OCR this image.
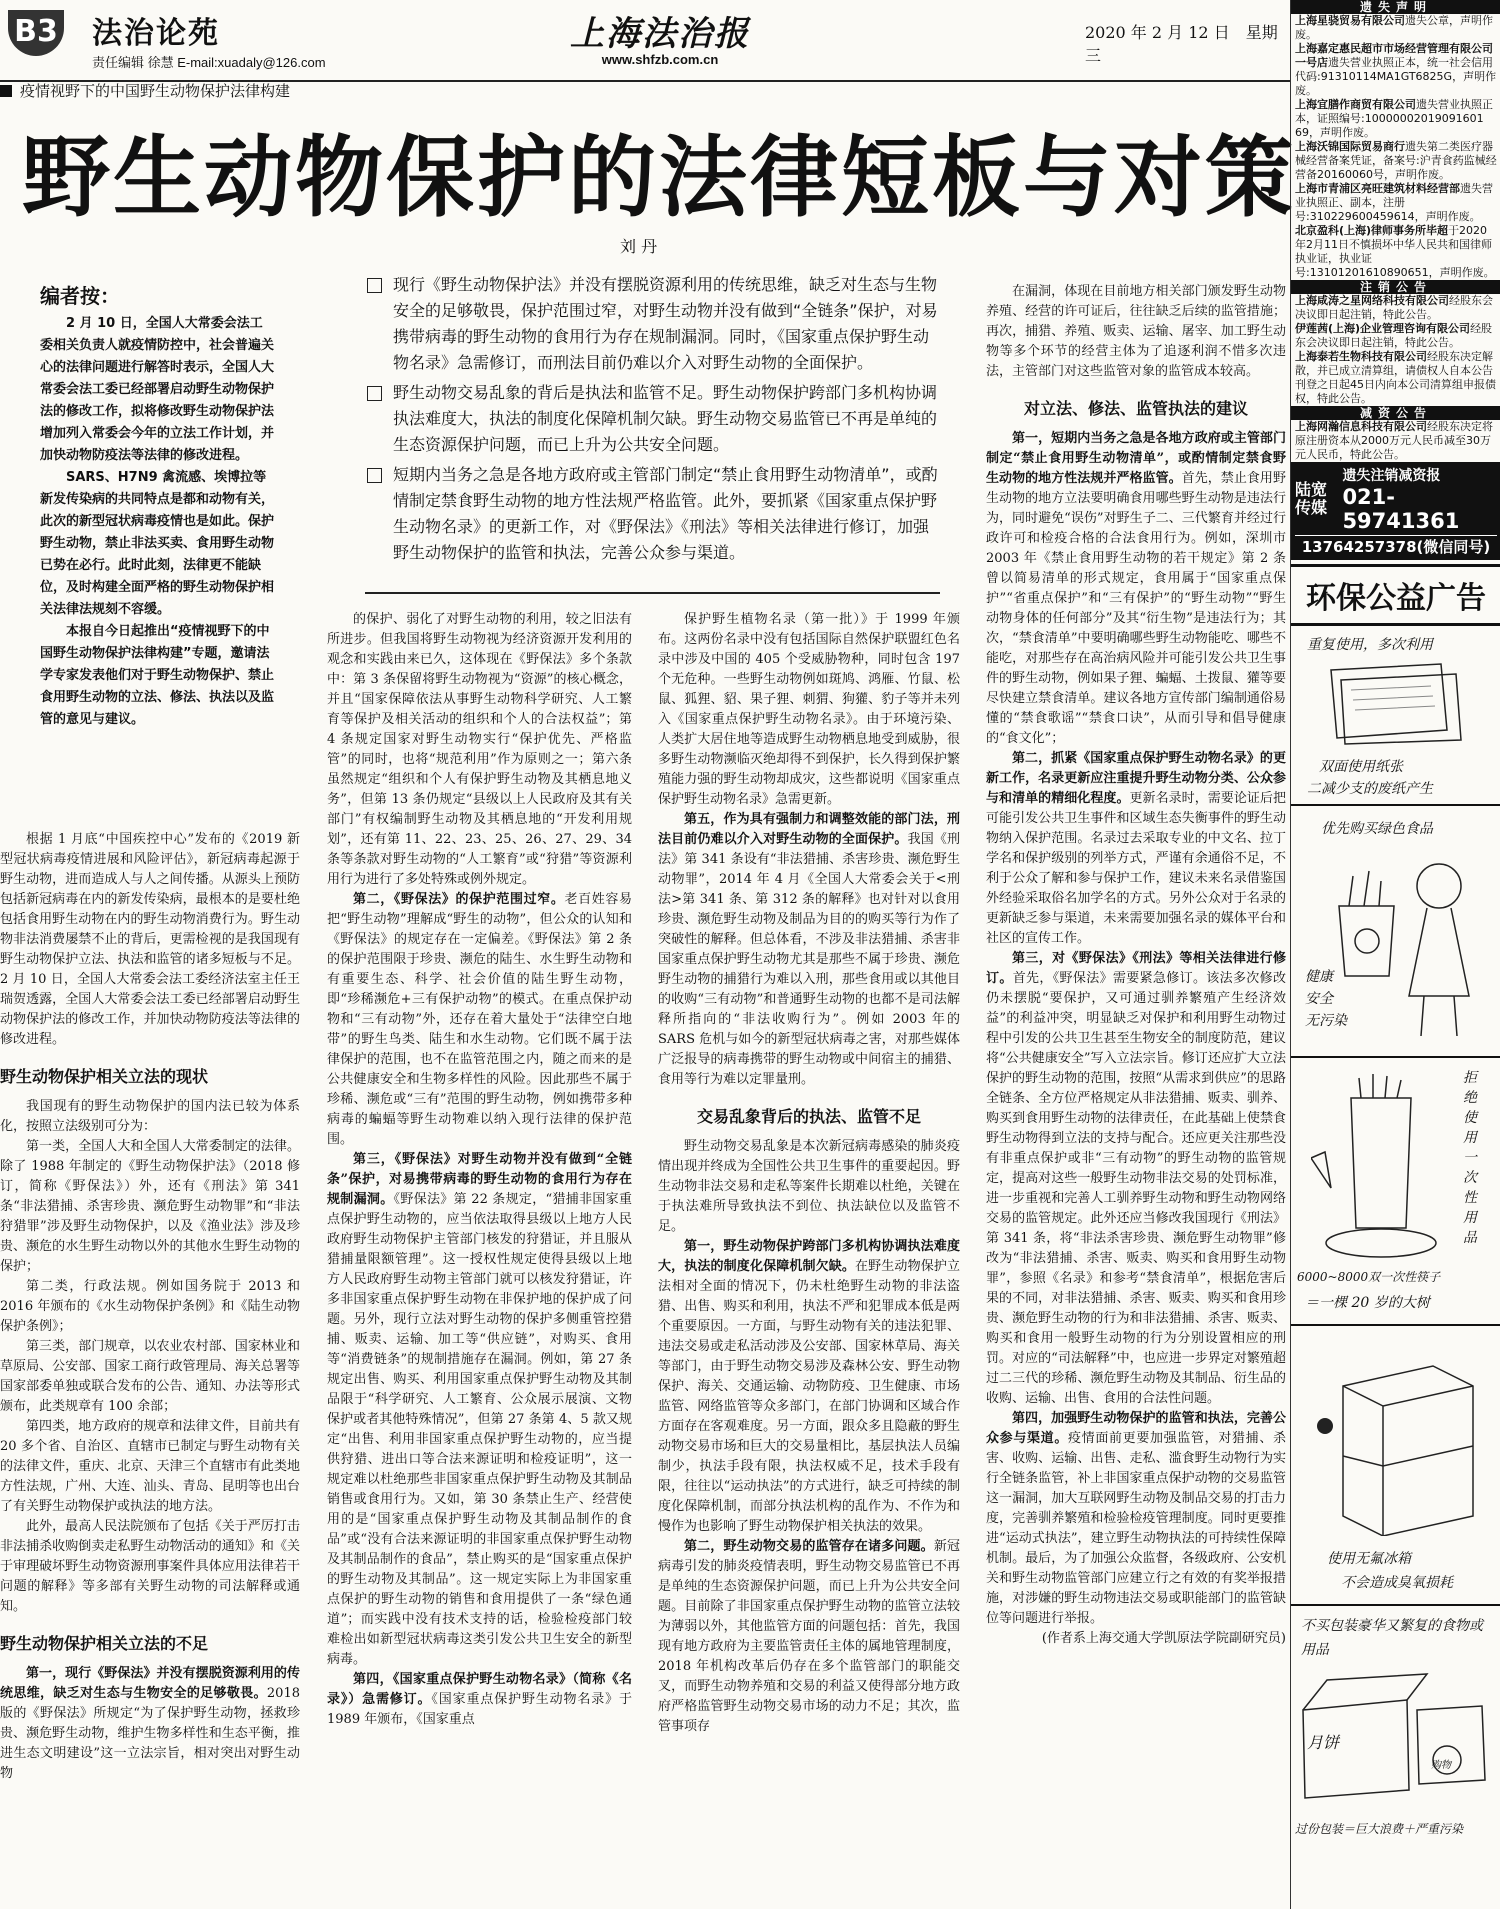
B3 法治论苑
责任编辑 徐慧 E-mail:xuadaly@126.com
上海法治报
www.shfzb.com.cn
2020 年 2 月 12 日　星期三
疫情视野下的中国野生动物保护法律构建
野生动物保护的法律短板与对策
刘 丹
编者按：

2 月 10 日，全国人大常委会法工委相关负责人就疫情防控中，社会普遍关心的法律问题进行解答时表示，全国人大常委会法工委已经部署启动野生动物保护法的修改工作，拟将修改野生动物保护法增加列入常委会今年的立法工作计划，并加快动物防疫法等法律的修改进程。

SARS、H7N9 禽流感、埃博拉等新发传染病的共同特点是都和动物有关，此次的新型冠状病毒疫情也是如此。保护野生动物，禁止非法买卖、食用野生动物已势在必行。此时此刻，法律更不能缺位，及时构建全面严格的野生动物保护相关法律法规刻不容缓。

本报自今日起推出“疫情视野下的中国野生动物保护法律构建”专题，邀请法学专家发表他们对于野生动物保护、禁止食用野生动物的立法、修法、执法以及监管的意见与建议。

现行《野生动物保护法》并没有摆脱资源利用的传统思维，缺乏对生态与生物安全的足够敬畏，保护范围过窄，对野生动物并没有做到“全链条”保护，对易携带病毒的野生动物的食用行为存在规制漏洞。同时，《国家重点保护野生动物名录》急需修订，而刑法目前仍难以介入对野生动物的全面保护。
野生动物交易乱象的背后是执法和监管不足。野生动物保护跨部门多机构协调执法难度大，执法的制度化保障机制欠缺。野生动物交易监管已不再是单纯的生态资源保护问题，而已上升为公共安全问题。
短期内当务之急是各地方政府或主管部门制定“禁止食用野生动物清单”，或酌情制定禁食野生动物的地方性法规严格监管。此外，要抓紧《国家重点保护野生动物名录》的更新工作，对《野保法》《刑法》等相关法律进行修订，加强野生动物保护的监管和执法，完善公众参与渠道。

根据 1 月底“中国疾控中心”发布的《2019 新型冠状病毒疫情进展和风险评估》，新冠病毒起源于野生动物，进而造成人与人之间传播。从源头上预防包括新冠病毒在内的新发传染病，最根本的是要杜绝包括食用野生动物在内的野生动物消费行为。野生动物非法消费屡禁不止的背后，更需检视的是我国现有野生动物保护立法、执法和监管的诸多短板与不足。2 月 10 日，全国人大常委会法工委经济法室主任王瑞贺透露，全国人大常委会法工委已经部署启动野生动物保护法的修改工作，并加快动物防疫法等法律的修改进程。

野生动物保护相关立法的现状

我国现有的野生动物保护的国内法已较为体系化，按照立法级别可分为：

第一类，全国人大和全国人大常委制定的法律。除了 1988 年制定的《野生动物保护法》（2018 修订，简称《野保法》）外，还有《刑法》第 341 条“非法猎捕、杀害珍贵、濒危野生动物罪”和“非法狩猎罪”涉及野生动物保护，以及《渔业法》涉及珍贵、濒危的水生野生动物以外的其他水生野生动物的保护；

第二类，行政法规。例如国务院于 2013 和 2016 年颁布的《水生动物保护条例》和《陆生动物保护条例》；

第三类，部门规章，以农业农村部、国家林业和草原局、公安部、国家工商行政管理局、海关总署等国家部委单独或联合发布的公告、通知、办法等形式颁布，此类规章有 100 余部；

第四类，地方政府的规章和法律文件，目前共有 20 多个省、自治区、直辖市已制定与野生动物有关的法律文件，重庆、北京、天津三个直辖市有此类地方性法规，广州、大连、汕头、青岛、昆明等也出台了有关野生动物保护或执法的地方法。

此外，最高人民法院颁布了包括《关于严厉打击非法捕杀收购倒卖走私野生动物活动的通知》和《关于审理破坏野生动物资源刑事案件具体应用法律若干问题的解释》等多部有关野生动物的司法解释或通知。

野生动物保护相关立法的不足

第一，现行《野保法》并没有摆脱资源利用的传统思维，缺乏对生态与生物安全的足够敬畏。2018 版的《野保法》所规定“为了保护野生动物，拯救珍贵、濒危野生动物，维护生物多样性和生态平衡，推进生态文明建设”这一立法宗旨，相对突出对野生动物

的保护、弱化了对野生动物的利用，较之旧法有所进步。但我国将野生动物视为经济资源开发利用的观念和实践由来已久，这体现在《野保法》多个条款中：第 3 条保留将野生动物视为“资源”的核心概念，并且“国家保障依法从事野生动物科学研究、人工繁育等保护及相关活动的组织和个人的合法权益”；第 4 条规定国家对野生动物实行“保护优先、严格监管”的同时，也将“规范利用”作为原则之一；第六条虽然规定“组织和个人有保护野生动物及其栖息地义务”，但第 13 条仍规定“县级以上人民政府及其有关部门”有权编制野生动物及其栖息地的“开发利用规划”，还有第 11、22、23、25、26、27、29、34 条等条款对野生动物的“人工繁育”或“狩猎”等资源利用行为进行了多处特殊或例外规定。

第二，《野保法》的保护范围过窄。老百姓容易把“野生动物”理解成“野生的动物”，但公众的认知和《野保法》的规定存在一定偏差。《野保法》第 2 条的保护范围限于珍贵、濒危的陆生、水生野生动物和有重要生态、科学、社会价值的陆生野生动物，即“珍稀濒危+三有保护动物”的模式。在重点保护动物和“三有动物”外，还存在着大量处于“法律空白地带”的野生鸟类、陆生和水生动物。它们既不属于法律保护的范围，也不在监管范围之内，随之而来的是公共健康安全和生物多样性的风险。因此那些不属于珍稀、濒危或“三有”范围的野生动物，例如携带多种病毒的蝙蝠等野生动物难以纳入现行法律的保护范围。

第三，《野保法》对野生动物并没有做到“全链条”保护，对易携带病毒的野生动物的食用行为存在规制漏洞。《野保法》第 22 条规定，“猎捕非国家重点保护野生动物的，应当依法取得县级以上地方人民政府野生动物保护主管部门核发的狩猎证，并且服从猎捕量限额管理”。这一授权性规定使得县级以上地方人民政府野生动物主管部门就可以核发狩猎证，许多非国家重点保护野生动物在非保护地的保护成了问题。另外，现行立法对野生动物的保护多侧重管控猎捕、贩卖、运输、加工等“供应链”，对购买、食用等“消费链条”的规制措施存在漏洞。例如，第 27 条规定出售、购买、利用国家重点保护野生动物及其制品限于“科学研究、人工繁育、公众展示展演、文物保护或者其他特殊情况”，但第 27 条第 4、5 款又规定“出售、利用非国家重点保护野生动物的，应当提供狩猎、进出口等合法来源证明和检疫证明”，这一规定难以杜绝那些非国家重点保护野生动物及其制品销售或食用行为。又如，第 30 条禁止生产、经营使用的是“国家重点保护野生动物及其制品制作的食品”或“没有合法来源证明的非国家重点保护野生动物及其制品制作的食品”，禁止购买的是“国家重点保护的野生动物及其制品”。这一规定实际上为非国家重点保护的野生动物的销售和食用提供了一条“绿色通道”；而实践中没有技术支持的话，检验检疫部门较难检出如新型冠状病毒这类引发公共卫生安全的新型病毒。

第四，《国家重点保护野生动物名录》（简称《名录》）急需修订。《国家重点保护野生动物名录》于 1989 年颁布，《国家重点

保护野生植物名录（第一批）》于 1999 年颁布。这两份名录中没有包括国际自然保护联盟红色名录中涉及中国的 405 个受威胁物种，同时包含 197 个无危种。一些野生动物例如斑鸠、鸿雁、竹鼠、松鼠、狐狸、貂、果子狸、刺猬、狗獾、豹子等并未列入《国家重点保护野生动物名录》。由于环境污染、人类扩大居住地等造成野生动物栖息地受到威胁，很多野生动物濒临灭绝却得不到保护，长久得到保护繁殖能力强的野生动物却成灾，这些都说明《国家重点保护野生动物名录》急需更新。

第五，作为具有强制力和调整效能的部门法，刑法目前仍难以介入对野生动物的全面保护。我国《刑法》第 341 条设有“非法猎捕、杀害珍贵、濒危野生动物罪”，2014 年 4 月《全国人大常委会关于<刑法>第 341 条、第 312 条的解释》也对针对以食用珍贵、濒危野生动物及制品为目的的购买等行为作了突破性的解释。但总体看，不涉及非法猎捕、杀害非国家重点保护野生动物尤其是那些不属于珍贵、濒危野生动物的捕猎行为难以入刑，那些食用或以其他目的收购“三有动物”和普通野生动物的也都不是司法解释所指向的“非法收购行为”。例如 2003 年的 SARS 危机与如今的新型冠状病毒之害，对那些媒体广泛报导的病毒携带的野生动物或中间宿主的捕猎、食用等行为难以定罪量刑。

交易乱象背后的执法、监管不足

野生动物交易乱象是本次新冠病毒感染的肺炎疫情出现并终成为全国性公共卫生事件的重要起因。野生动物非法交易和走私等案件长期难以杜绝，关键在于执法难所导致执法不到位、执法缺位以及监管不足。

第一，野生动物保护跨部门多机构协调执法难度大，执法的制度化保障机制欠缺。在野生动物保护立法相对全面的情况下，仍未杜绝野生动物的非法盗猎、出售、购买和利用，执法不严和犯罪成本低是两个重要原因。一方面，与野生动物有关的违法犯罪、违法交易或走私活动涉及公安部、国家林草局、海关等部门，由于野生动物交易涉及森林公安、野生动物保护、海关、交通运输、动物防疫、卫生健康、市场监管、网络监管等众多部门，在部门协调和区域合作方面存在客观难度。另一方面，跟众多且隐蔽的野生动物交易市场和巨大的交易量相比，基层执法人员编制少，执法手段有限，执法权威不足，技术手段有限，往往以“运动执法”的方式进行，缺乏可持续的制度化保障机制，而部分执法机构的乱作为、不作为和慢作为也影响了野生动物保护相关执法的效果。

第二，野生动物交易的监管存在诸多问题。新冠病毒引发的肺炎疫情表明，野生动物交易监管已不再是单纯的生态资源保护问题，而已上升为公共安全问题。目前除了非国家重点保护野生动物的监管立法较为薄弱以外，其他监管方面的问题包括：首先，我国现有地方政府为主要监管责任主体的属地管理制度，2018 年机构改革后仍存在多个监管部门的职能交叉，而野生动物养殖和交易的利益又使得部分地方政府严格监管野生动物交易市场的动力不足；其次，监管事项存

在漏洞，体现在目前地方相关部门颁发野生动物养殖、经营的许可证后，往往缺乏后续的监管措施；再次，捕猎、养殖、贩卖、运输、屠宰、加工野生动物等多个环节的经营主体为了追逐利润不惜多次违法，主管部门对这些监管对象的监管成本较高。

对立法、修法、监管执法的建议

第一，短期内当务之急是各地方政府或主管部门制定“禁止食用野生动物清单”，或酌情制定禁食野生动物的地方性法规并严格监管。首先，禁止食用野生动物的地方立法要明确食用哪些野生动物是违法行为，同时避免“误伤”对野生子二、三代繁育并经过行政许可和检疫合格的合法食用行为。例如，深圳市 2003 年《禁止食用野生动物的若干规定》第 2 条曾以简易清单的形式规定，食用属于“国家重点保护”“省重点保护”和“三有保护”的“野生动物”“野生动物身体的任何部分”及其“衍生物”是违法行为；其次，“禁食清单”中要明确哪些野生动物能吃、哪些不能吃，对那些存在高治病风险并可能引发公共卫生事件的野生动物，例如果子狸、蝙蝠、土拨鼠、獾等要尽快建立禁食清单。建议各地方宣传部门编制通俗易懂的“禁食歌谣”“禁食口诀”，从而引导和倡导健康的“食文化”；

第二，抓紧《国家重点保护野生动物名录》的更新工作，名录更新应注重提升野生动物分类、公众参与和清单的精细化程度。更新名录时，需要论证后把可能引发公共卫生事件和区域生态失衡事件的野生动物纳入保护范围。名录过去采取专业的中文名、拉丁学名和保护级别的列举方式，严谨有余通俗不足，不利于公众了解和参与保护工作，建议未来名录借鉴国外经验采取俗名加学名的方式。另外公众对于名录的更新缺乏参与渠道，未来需要加强名录的媒体平台和社区的宣传工作。

第三，对《野保法》《刑法》等相关法律进行修订。首先，《野保法》需要紧急修订。该法多次修改仍未摆脱“要保护，又可通过驯养繁殖产生经济效益”的利益冲突，明显缺乏对保护和利用野生动物过程中引发的公共卫生甚至生物安全的制度防范，建议将“公共健康安全”写入立法宗旨。修订还应扩大立法保护的野生动物的范围，按照“从需求到供应”的思路全链条、全方位严格规定从非法猎捕、贩卖、驯养、购买到食用野生动物的法律责任，在此基础上使禁食野生动物得到立法的支持与配合。还应更关注那些没有非重点保护或非“三有动物”的野生动物的监管规定，提高对这些一般野生动物非法交易的处罚标准，进一步重视和完善人工驯养野生动物和野生动物网络交易的监管规定。此外还应当修改我国现行《刑法》第 341 条，将“非法杀害珍贵、濒危野生动物罪”修改为“非法猎捕、杀害、贩卖、购买和食用野生动物罪”，参照《名录》和参考“禁食清单”，根据危害后果的不同，对非法猎捕、杀害、贩卖、购买和食用珍贵、濒危野生动物的行为和非法猎捕、杀害、贩卖、购买和食用一般野生动物的行为分别设置相应的刑罚。对应的“司法解释”中，也应进一步界定对繁殖超过二三代的珍稀、濒危野生动物及其制品、衍生品的收购、运输、出售、食用的合法性问题。

第四，加强野生动物保护的监管和执法，完善公众参与渠道。疫情面前更要加强监管，对猎捕、杀害、收购、运输、出售、走私、滥食野生动物行为实行全链条监管，补上非国家重点保护动物的交易监管这一漏洞，加大互联网野生动物及制品交易的打击力度，完善驯养繁殖和检验检疫管理制度。同时更要推进“运动式执法”，建立野生动物执法的可持续性保障机制。最后，为了加强公众监督，各级政府、公安机关和野生动物监管部门应建立行之有效的有奖举报措施，对涉嫌的野生动物违法交易或职能部门的监管缺位等问题进行举报。

(作者系上海交通大学凯原法学院副研究员)

遗失声明
上海星骁贸易有限公司遗失公章，声明作废。
上海嘉定惠民超市市场经营管理有限公司一号店遗失营业执照正本，统一社会信用代码:91310114MA1GT6825G，声明作废。
上海宜膳作商贸有限公司遗失营业执照正本，证照编号:10000002019091601​69，声明作废。
上海沃锦国际贸易商行遗失第二类医疗器械经营备案凭证，备案号:沪青食药监械经营备20160060号，声明作废。
上海市青浦区亮旺建筑材料经营部遗失营业执照正、副本，注册号:310229600459614，声明作废。
北京盈科(上海)律师事务所毕超于2020年2月11日不慎损坏中华人民共和国律师执业证，执业证号:13101201610890651，声明作废。
注销公告
上海咸涛之星网络科技有限公司经股东会决议即日起注销，特此公告。
伊莲茜(上海)企业管理咨询有限公司经股东会决议即日起注销，特此公告。
上海泰若生物科技有限公司经股东决定解散，并已成立清算组，请债权人自本公告刊登之日起45日内向本公司清算组申报债权，特此公告。
减资公告
上海网瀚信息科技有限公司经股东决定将原注册资本从2000万元人民币减至30万元人民币，特此公告。
陆宽
传媒
遗失注销减资报
021-59741361
13764257378(微信同号)
环保公益广告
重复使用，多次利用
双面使用纸张
二减少支的废纸产生
优先购买绿色食品
健康
安全
无污染
拒绝使用一次性用品
6000~8000双一次性筷子
＝一棵 20 岁的大树
使用无氟冰箱
不会造成臭氧损耗
不买包装豪华又繁复的食物或用品
月饼
购物
过份包装＝巨大浪费＋严重污染
